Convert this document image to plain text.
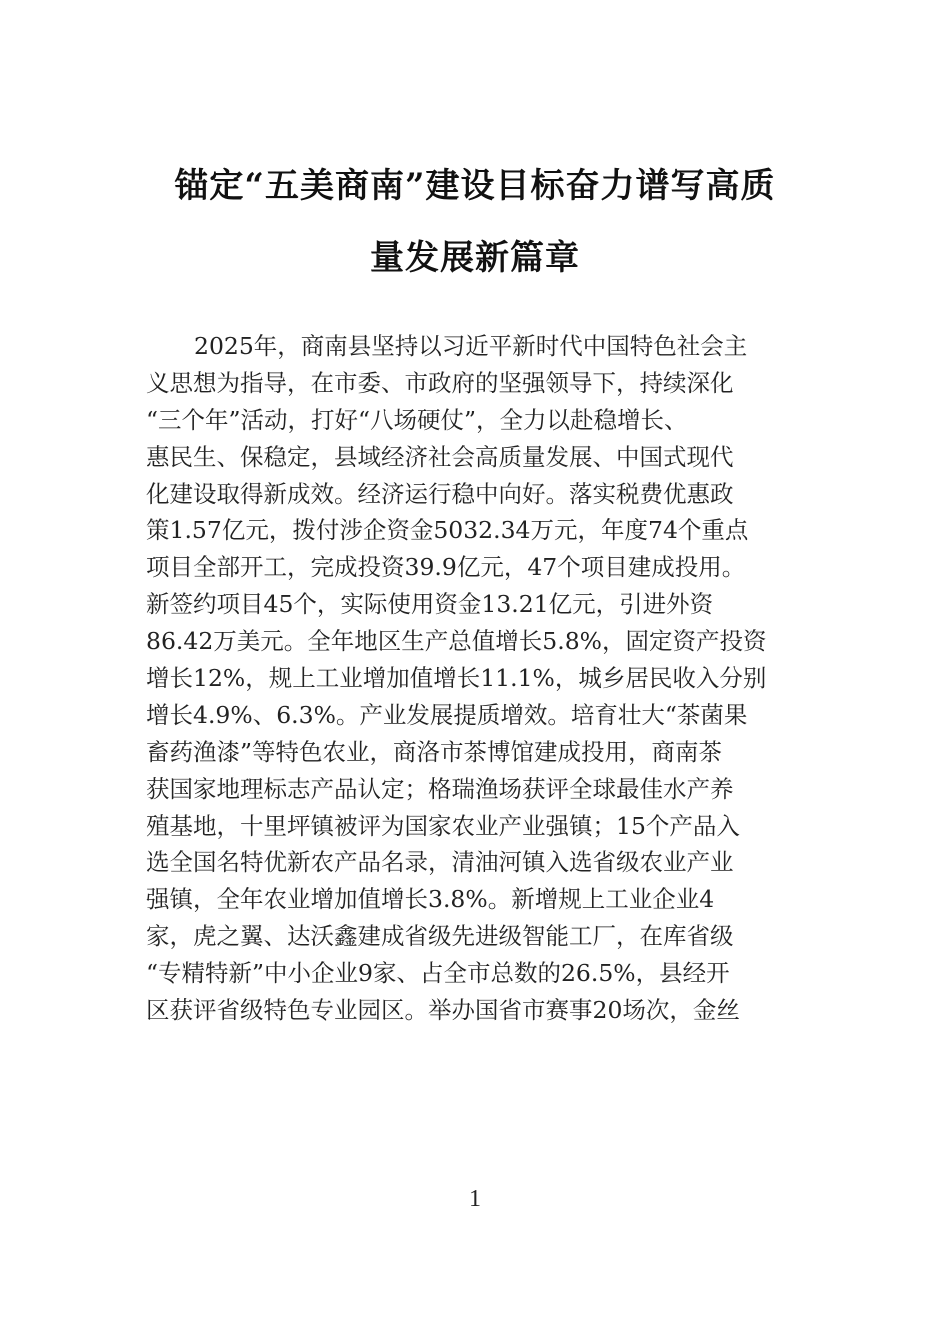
锚定“五美商南”建设目标奋力谱写高质
量发展新篇章
2025年，商南县坚持以习近平新时代中国特色社会主
义思想为指导，在市委、市政府的坚强领导下，持续深化
“三个年”活动，打好“八场硬仗”，全力以赴稳增长、
惠民生、保稳定，县域经济社会高质量发展、中国式现代
化建设取得新成效。经济运行稳中向好。落实税费优惠政
策1.57亿元，拨付涉企资金5032.34万元，年度74个重点
项目全部开工，完成投资39.9亿元，47个项目建成投用。
新签约项目45个，实际使用资金13.21亿元，引进外资
86.42万美元。全年地区生产总值增长5.8%，固定资产投资
增长12%，规上工业增加值增长11.1%，城乡居民收入分别
增长4.9%、6.3%。产业发展提质增效。培育壮大“茶菌果
畜药渔漆”等特色农业，商洛市茶博馆建成投用，商南茶
获国家地理标志产品认定；格瑞渔场获评全球最佳水产养
殖基地，十里坪镇被评为国家农业产业强镇；15个产品入
选全国名特优新农产品名录，清油河镇入选省级农业产业
强镇，全年农业增加值增长3.8%。新增规上工业企业4
家，虎之翼、达沃鑫建成省级先进级智能工厂，在库省级
“专精特新”中小企业9家、占全市总数的26.5%，县经开
区获评省级特色专业园区。举办国省市赛事20场次，金丝
1
